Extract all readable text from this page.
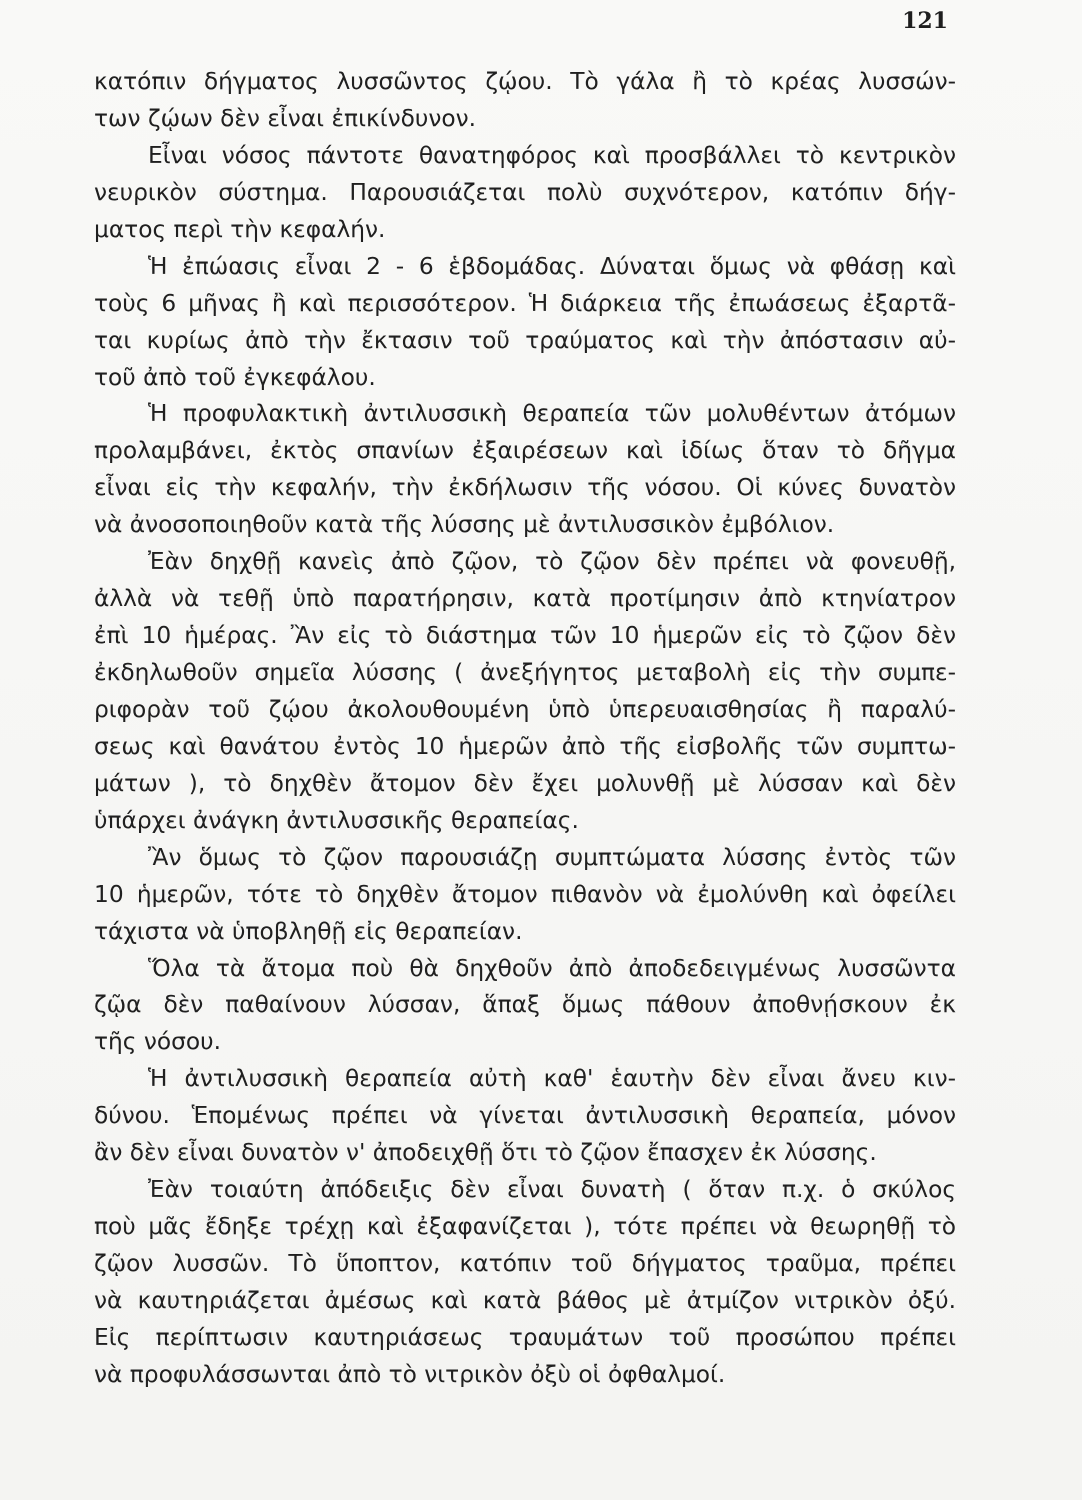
121
κατόπιν δήγματος λυσσῶντος ζῴου. Τὸ γάλα ἢ τὸ κρέας λυσσών-
των ζῴων δὲν εἶναι ἐπικίνδυνον.
Εἶναι νόσος πάντοτε θανατηφόρος καὶ προσβάλλει τὸ κεντρικὸν
νευρικὸν σύστημα. Παρουσιάζεται πολὺ συχνότερον, κατόπιν δήγ-
ματος περὶ τὴν κεφαλήν.
Ἡ ἐπώασις εἶναι 2 - 6 ἑβδομάδας. Δύναται ὅμως νὰ φθάσῃ καὶ
τοὺς 6 μῆνας ἢ καὶ περισσότερον. Ἡ διάρκεια τῆς ἐπωάσεως ἐξαρτᾶ-
ται κυρίως ἀπὸ τὴν ἔκτασιν τοῦ τραύματος καὶ τὴν ἀπόστασιν αὐ-
τοῦ ἀπὸ τοῦ ἐγκεφάλου.
Ἡ προφυλακτικὴ ἀντιλυσσικὴ θεραπεία τῶν μολυθέντων ἀτόμων
προλαμβάνει, ἐκτὸς σπανίων ἐξαιρέσεων καὶ ἰδίως ὅταν τὸ δῆγμα
εἶναι εἰς τὴν κεφαλήν, τὴν ἐκδήλωσιν τῆς νόσου. Οἱ κύνες δυνατὸν
νὰ ἀνοσοποιηθοῦν κατὰ τῆς λύσσης μὲ ἀντιλυσσικὸν ἐμβόλιον.
Ἐὰν δηχθῇ κανεὶς ἀπὸ ζῷον, τὸ ζῷον δὲν πρέπει νὰ φονευθῇ,
ἀλλὰ νὰ τεθῇ ὑπὸ παρατήρησιν, κατὰ προτίμησιν ἀπὸ κτηνίατρον
ἐπὶ 10 ἡμέρας. Ἂν εἰς τὸ διάστημα τῶν 10 ἡμερῶν εἰς τὸ ζῷον δὲν
ἐκδηλωθοῦν σημεῖα λύσσης ( ἀνεξήγητος μεταβολὴ εἰς τὴν συμπε-
ριφορὰν τοῦ ζῴου ἀκολουθουμένη ὑπὸ ὑπερευαισθησίας ἢ παραλύ-
σεως καὶ θανάτου ἐντὸς 10 ἡμερῶν ἀπὸ τῆς εἰσβολῆς τῶν συμπτω-
μάτων ), τὸ δηχθὲν ἄτομον δὲν ἔχει μολυνθῇ μὲ λύσσαν καὶ δὲν
ὑπάρχει ἀνάγκη ἀντιλυσσικῆς θεραπείας.
Ἂν ὅμως τὸ ζῷον παρουσιάζῃ συμπτώματα λύσσης ἐντὸς τῶν
10 ἡμερῶν, τότε τὸ δηχθὲν ἄτομον πιθανὸν νὰ ἐμολύνθη καὶ ὀφείλει
τάχιστα νὰ ὑποβληθῇ εἰς θεραπείαν.
Ὅλα τὰ ἄτομα ποὺ θὰ δηχθοῦν ἀπὸ ἀποδεδειγμένως λυσσῶντα
ζῷα δὲν παθαίνουν λύσσαν, ἅπαξ ὅμως πάθουν ἀποθνῄσκουν ἐκ
τῆς νόσου.
Ἡ ἀντιλυσσικὴ θεραπεία αὐτὴ καθ' ἑαυτὴν δὲν εἶναι ἄνευ κιν-
δύνου. Ἑπομένως πρέπει νὰ γίνεται ἀντιλυσσικὴ θεραπεία, μόνον
ἂν δὲν εἶναι δυνατὸν ν' ἀποδειχθῇ ὅτι τὸ ζῷον ἔπασχεν ἐκ λύσσης.
Ἐὰν τοιαύτη ἀπόδειξις δὲν εἶναι δυνατὴ ( ὅταν π.χ. ὁ σκύλος
ποὺ μᾶς ἔδηξε τρέχῃ καὶ ἐξαφανίζεται ), τότε πρέπει νὰ θεωρηθῇ τὸ
ζῷον λυσσῶν. Τὸ ὕποπτον, κατόπιν τοῦ δήγματος τραῦμα, πρέπει
νὰ καυτηριάζεται ἀμέσως καὶ κατὰ βάθος μὲ ἀτμίζον νιτρικὸν ὀξύ.
Εἰς περίπτωσιν καυτηριάσεως τραυμάτων τοῦ προσώπου πρέπει
νὰ προφυλάσσωνται ἀπὸ τὸ νιτρικὸν ὀξὺ οἱ ὀφθαλμοί.
